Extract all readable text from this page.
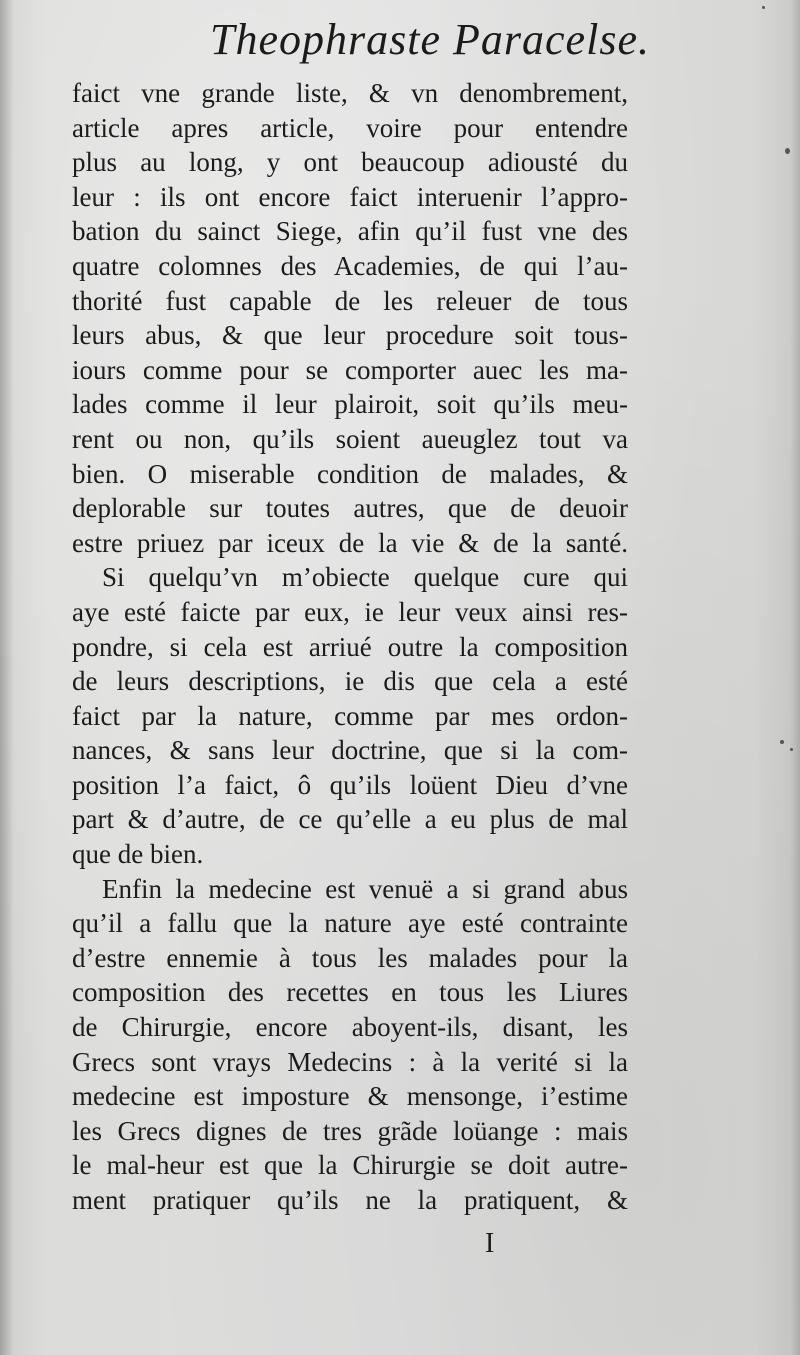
Theophraste Paracelse.
faict vne grande liste, & vn denombrement,
article apres article, voire pour entendre
plus au long, y ont beaucoup adiousté du
leur : ils ont encore faict interuenir l’appro-
bation du sainct Siege, afin qu’il fust vne des
quatre colomnes des Academies, de qui l’au-
thorité fust capable de les releuer de tous
leurs abus, & que leur procedure soit tous-
iours comme pour se comporter auec les ma-
lades comme il leur plairoit, soit qu’ils meu-
rent ou non, qu’ils soient aueuglez tout va
bien. O miserable condition de malades, &
deplorable sur toutes autres, que de deuoir
estre priuez par iceux de la vie & de la santé.
Si quelqu’vn m’obiecte quelque cure qui
aye esté faicte par eux, ie leur veux ainsi res-
pondre, si cela est arriué outre la composition
de leurs descriptions, ie dis que cela a esté
faict par la nature, comme par mes ordon-
nances, & sans leur doctrine, que si la com-
position l’a faict, ô qu’ils loüent Dieu d’vne
part & d’autre, de ce qu’elle a eu plus de mal
que de bien.
Enfin la medecine est venuë a si grand abus
qu’il a fallu que la nature aye esté contrainte
d’estre ennemie à tous les malades pour la
composition des recettes en tous les Liures
de Chirurgie, encore aboyent-ils, disant, les
Grecs sont vrays Medecins : à la verité si la
medecine est imposture & mensonge, i’estime
les Grecs dignes de tres grãde loüange : mais
le mal-heur est que la Chirurgie se doit autre-
ment pratiquer qu’ils ne la pratiquent, &
I
